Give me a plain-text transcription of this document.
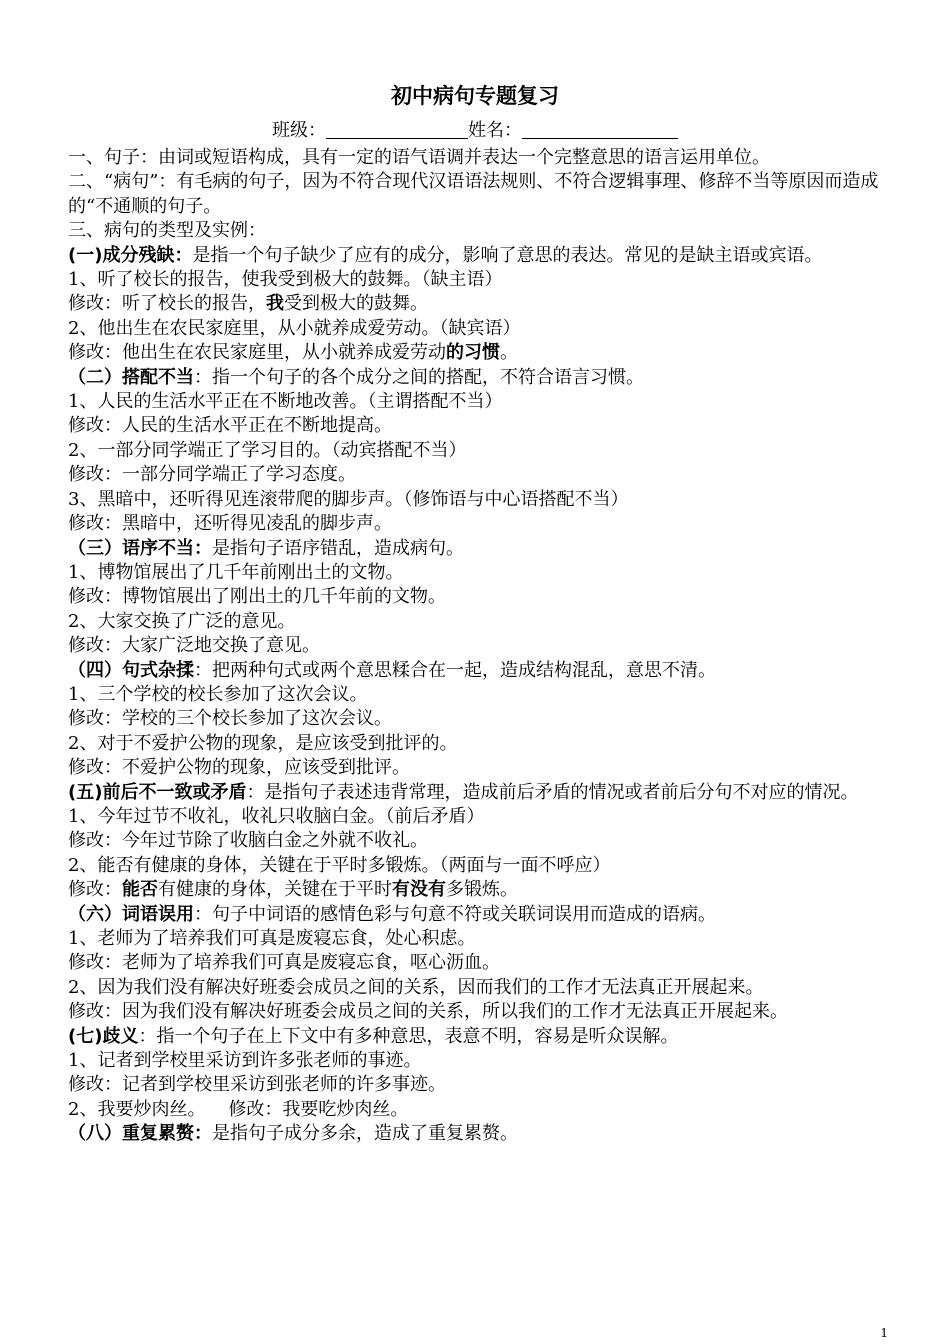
初中病句专题复习
班级：	姓名：

一、句子：由词或短语构成，具有一定的语气语调并表达一个完整意思的语言运用单位。

二、“病句”：有毛病的句子，因为不符合现代汉语语法规则、不符合逻辑事理、修辞不当等原因而造成的“不通顺的句子。

三、病句的类型及实例：

(一)成分残缺：是指一个句子缺少了应有的成分，影响了意思的表达。常见的是缺主语或宾语。

1、听了校长的报告，使我受到极大的鼓舞。（缺主语）

修改：听了校长的报告，我受到极大的鼓舞。

2、他出生在农民家庭里，从小就养成爱劳动。（缺宾语）

修改：他出生在农民家庭里，从小就养成爱劳动的习惯。

（二）搭配不当：指一个句子的各个成分之间的搭配，不符合语言习惯。

1、人民的生活水平正在不断地改善。（主谓搭配不当）

修改：人民的生活水平正在不断地提高。

2、一部分同学端正了学习目的。（动宾搭配不当）

修改：一部分同学端正了学习态度。

3、黑暗中，还听得见连滚带爬的脚步声。（修饰语与中心语搭配不当）

修改：黑暗中，还听得见凌乱的脚步声。

（三）语序不当：是指句子语序错乱，造成病句。

1、博物馆展出了几千年前刚出土的文物。

修改：博物馆展出了刚出土的几千年前的文物。

2、大家交换了广泛的意见。

修改：大家广泛地交换了意见。

（四）句式杂揉：把两种句式或两个意思糅合在一起，造成结构混乱，意思不清。

1、三个学校的校长参加了这次会议。

修改：学校的三个校长参加了这次会议。

2、对于不爱护公物的现象，是应该受到批评的。

修改：不爱护公物的现象，应该受到批评。

(五)前后不一致或矛盾：是指句子表述违背常理，造成前后矛盾的情况或者前后分句不对应的情况。

1、今年过节不收礼，收礼只收脑白金。（前后矛盾）

修改：今年过节除了收脑白金之外就不收礼。

2、能否有健康的身体，关键在于平时多锻炼。（两面与一面不呼应）

修改：能否有健康的身体，关键在于平时有没有多锻炼。

（六）词语误用：句子中词语的感情色彩与句意不符或关联词误用而造成的语病。

1、老师为了培养我们可真是废寝忘食，处心积虑。

修改：老师为了培养我们可真是废寝忘食，呕心沥血。

2、因为我们没有解决好班委会成员之间的关系，因而我们的工作才无法真正开展起来。

修改：因为我们没有解决好班委会成员之间的关系，所以我们的工作才无法真正开展起来。

(七)歧义：指一个句子在上下文中有多种意思，表意不明，容易是听众误解。

1、记者到学校里采访到许多张老师的事迹。

修改：记者到学校里采访到张老师的许多事迹。

2、我要炒肉丝。    修改：我要吃炒肉丝。

（八）重复累赘：是指句子成分多余，造成了重复累赘。

1
